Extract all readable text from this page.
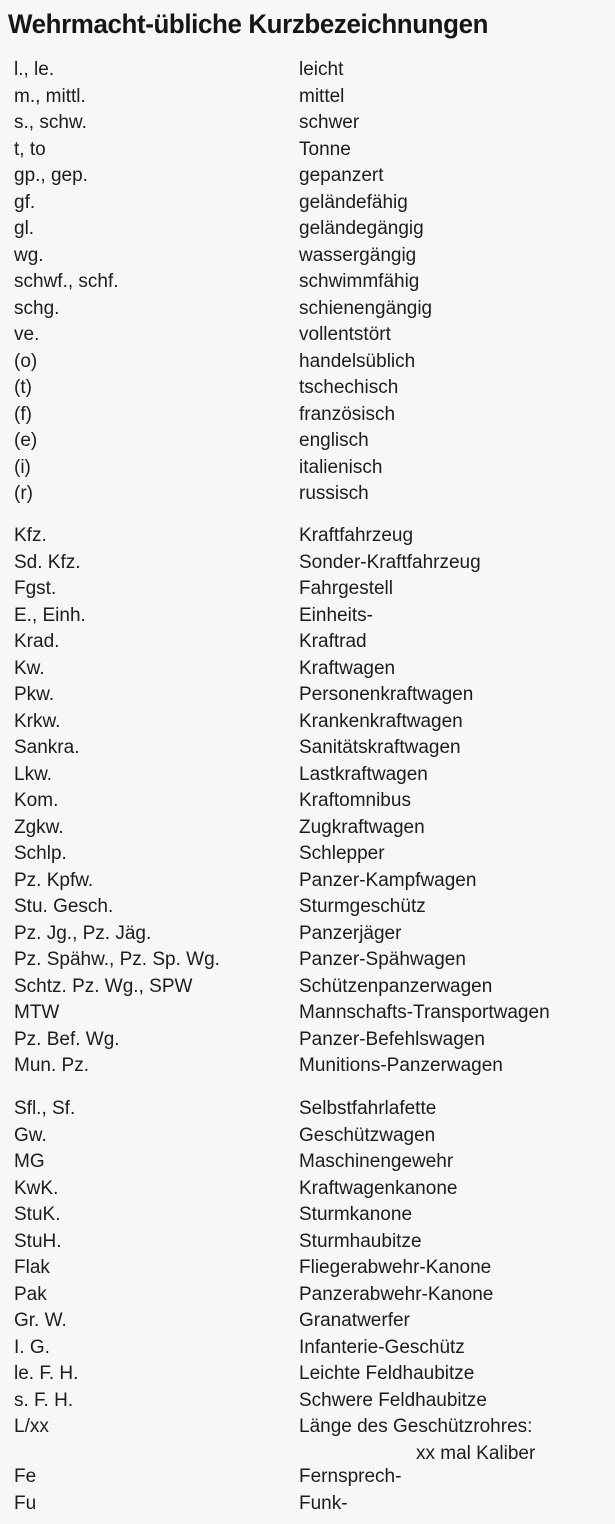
Wehrmacht-übliche Kurzbezeichnungen
l., le.	leicht
m., mittl.	mittel
s., schw.	schwer
t, to	Tonne
gp., gep.	gepanzert
gf.	geländefähig
gl.	geländegängig
wg.	wassergängig
schwf., schf.	schwimmfähig
schg.	schienengängig
ve.	vollentstört
(o)	handelsüblich
(t)	tschechisch
(f)	französisch
(e)	englisch
(i)	italienisch
(r)	russisch
Kfz.	Kraftfahrzeug
Sd. Kfz.	Sonder-Kraftfahrzeug
Fgst.	Fahrgestell
E., Einh.	Einheits-
Krad.	Kraftrad
Kw.	Kraftwagen
Pkw.	Personenkraftwagen
Krkw.	Krankenkraftwagen
Sankra.	Sanitätskraftwagen
Lkw.	Lastkraftwagen
Kom.	Kraftomnibus
Zgkw.	Zugkraftwagen
Schlp.	Schlepper
Pz. Kpfw.	Panzer-Kampfwagen
Stu. Gesch.	Sturmgeschütz
Pz. Jg., Pz. Jäg.	Panzerjäger
Pz. Spähw., Pz. Sp. Wg.	Panzer-Spähwagen
Schtz. Pz. Wg., SPW	Schützenpanzerwagen
MTW	Mannschafts-Transportwagen
Pz. Bef. Wg.	Panzer-Befehlswagen
Mun. Pz.	Munitions-Panzerwagen
Sfl., Sf.	Selbstfahrlafette
Gw.	Geschützwagen
MG	Maschinengewehr
KwK.	Kraftwagenkanone
StuK.	Sturmkanone
StuH.	Sturmhaubitze
Flak	Fliegerabwehr-Kanone
Pak	Panzerabwehr-Kanone
Gr. W.	Granatwerfer
I. G.	Infanterie-Geschütz
le. F. H.	Leichte Feldhaubitze
s. F. H.	Schwere Feldhaubitze
L/xx	Länge des Geschützrohres:
xx mal Kaliber
Fe	Fernsprech-
Fu	Funk-
